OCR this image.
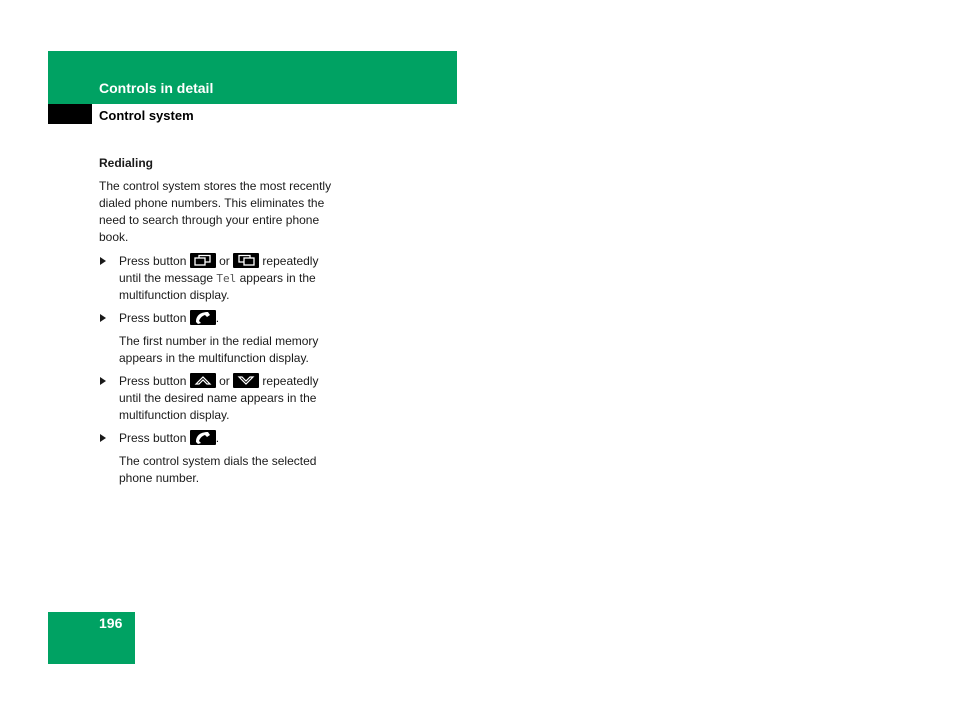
Controls in detail
Control system
Redialing
The control system stores the most recently dialed phone numbers. This eliminates the need to search through your entire phone book.
Press button	or	repeatedly until the message Tel appears in the multifunction display.
Press button .
The first number in the redial memory appears in the multifunction display.
Press button	or	repeatedly until the desired name appears in the multifunction display.
Press button .
The control system dials the selected phone number.
196
